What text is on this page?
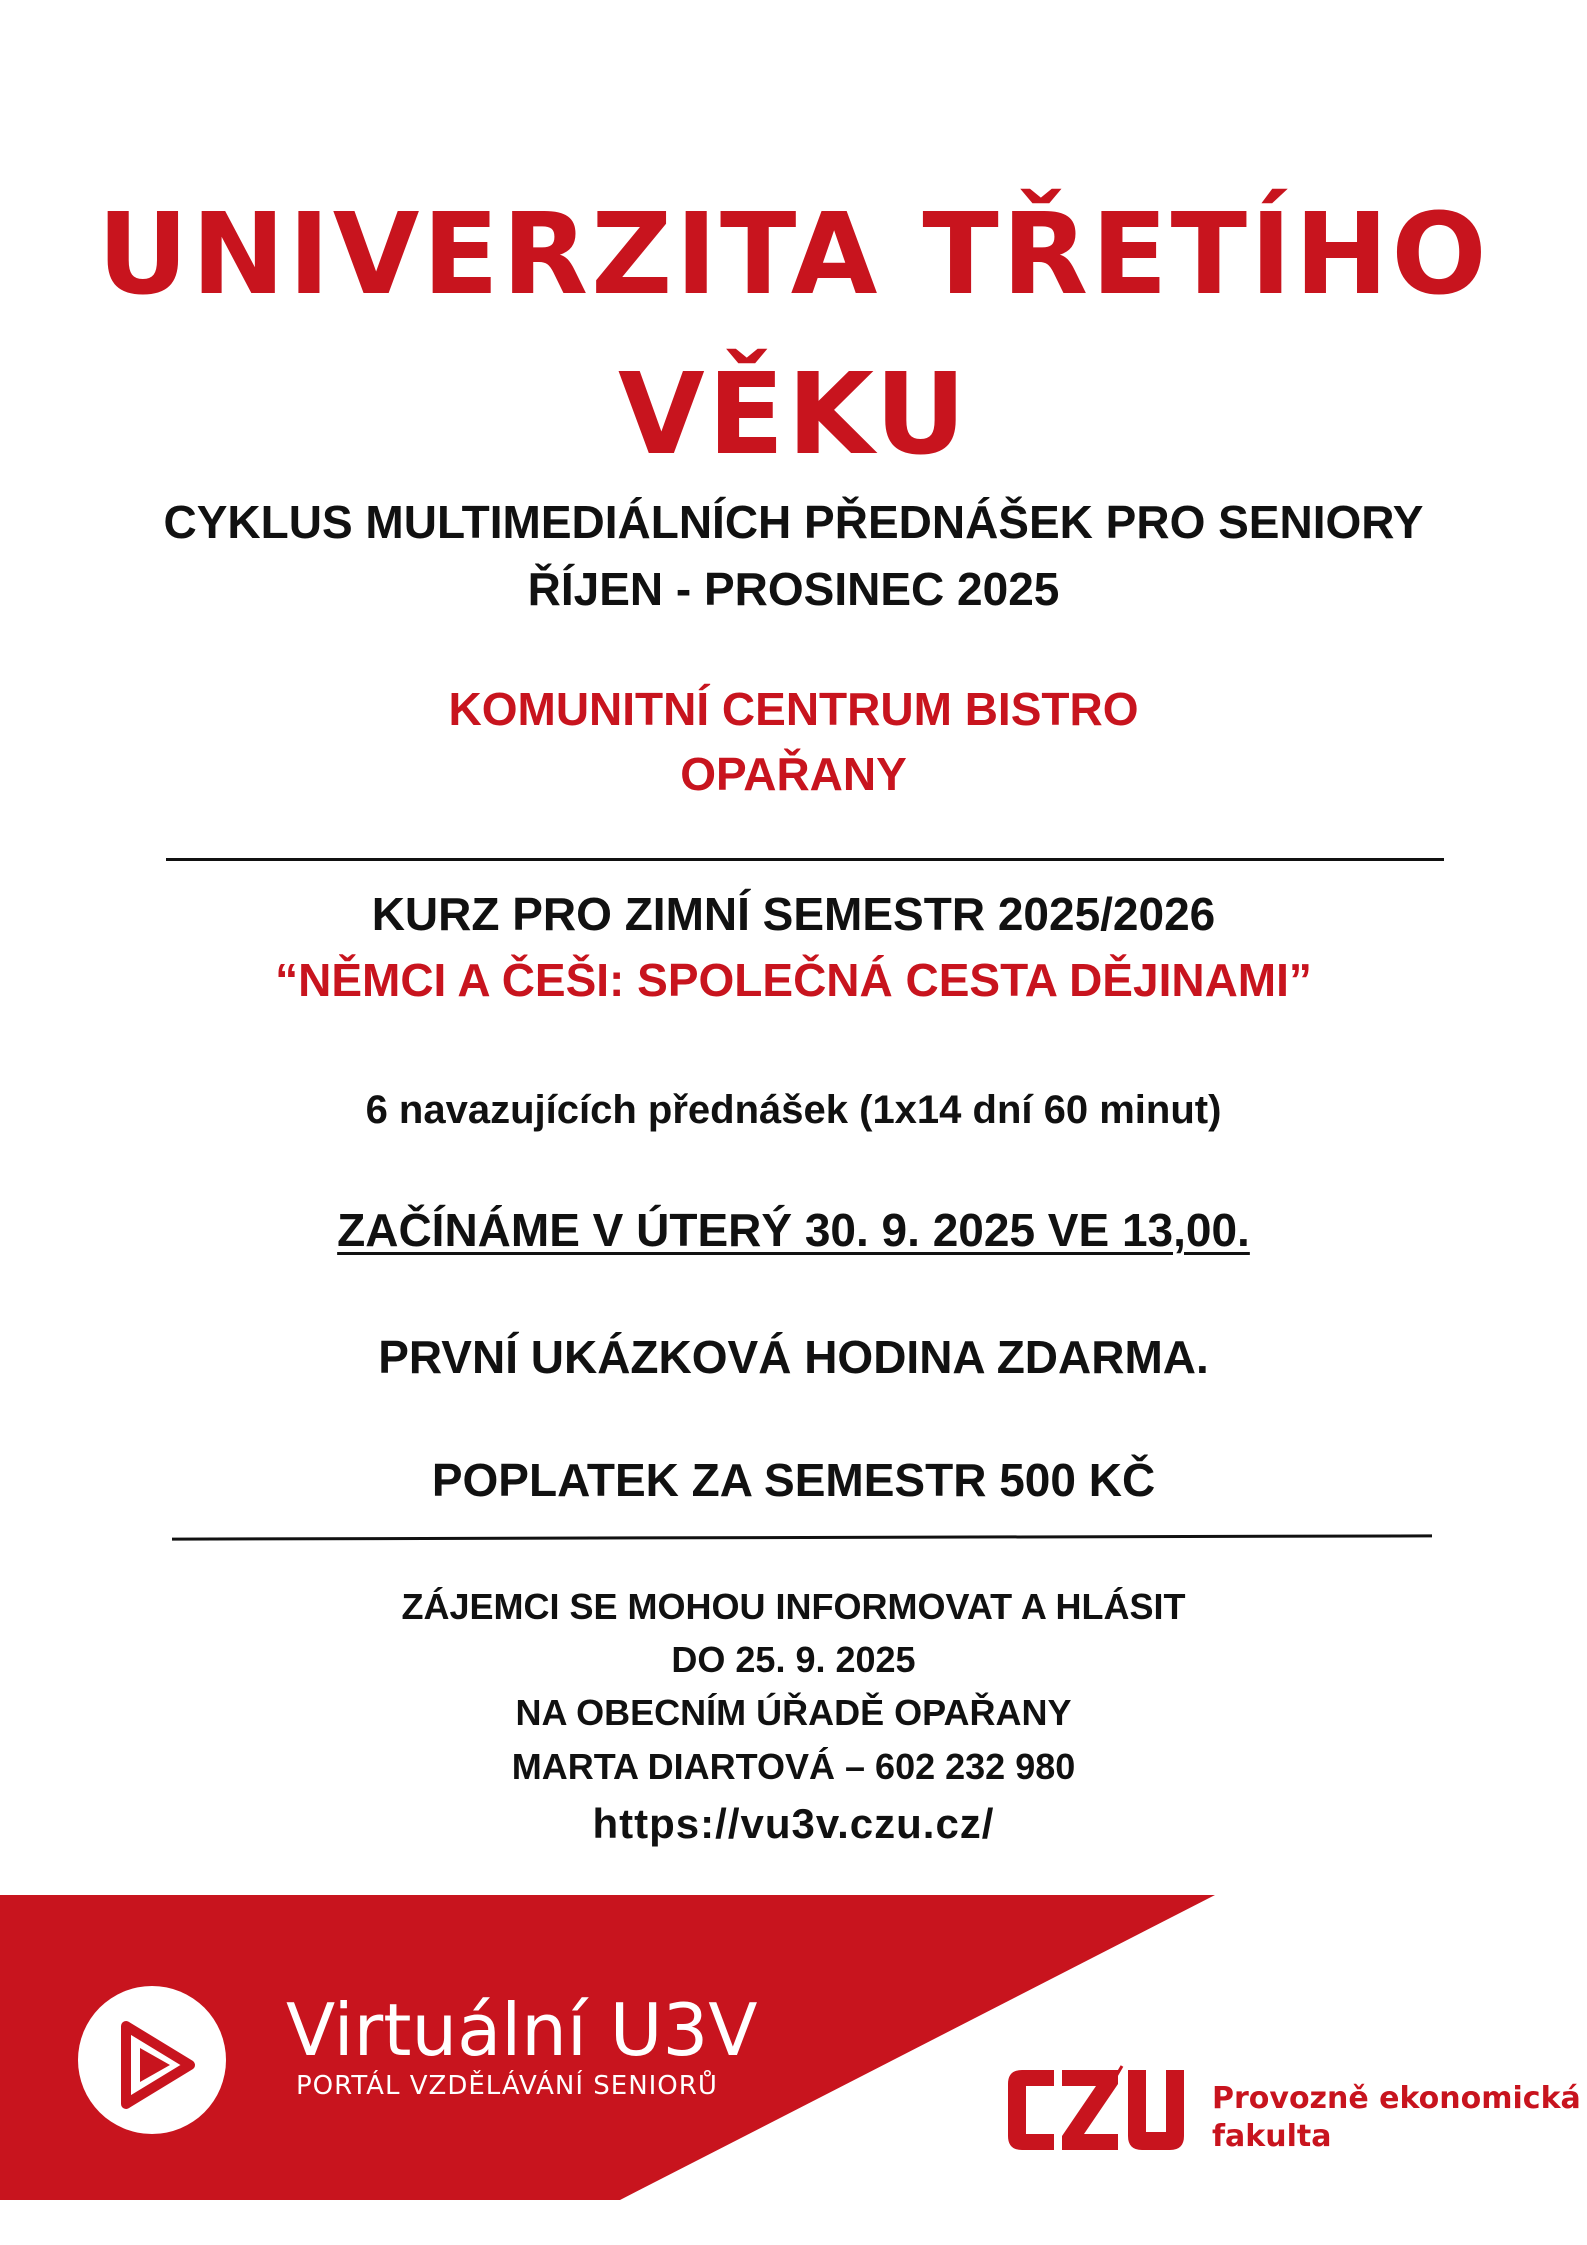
UNIVERZITA TŘETÍHO
VĚKU
CYKLUS MULTIMEDIÁLNÍCH PŘEDNÁŠEK PRO SENIORY
ŘÍJEN - PROSINEC 2025
KOMUNITNÍ CENTRUM BISTRO
OPAŘANY
KURZ PRO ZIMNÍ SEMESTR 2025/2026
“NĚMCI A ČEŠI: SPOLEČNÁ CESTA DĚJINAMI”
6 navazujících přednášek (1x14 dní 60 minut)
ZAČÍNÁME V ÚTERÝ 30. 9. 2025 VE 13,00.
PRVNÍ UKÁZKOVÁ HODINA ZDARMA.
POPLATEK ZA SEMESTR 500 KČ
ZÁJEMCI SE MOHOU INFORMOVAT A HLÁSIT
DO 25. 9. 2025
NA OBECNÍM ÚŘADĚ OPAŘANY
MARTA DIARTOVÁ – 602 232 980
https://vu3v.czu.cz/
Virtuální U3V
PORTÁL VZDĚLÁVÁNÍ SENIORŮ	Provozně ekonomická
fakulta
